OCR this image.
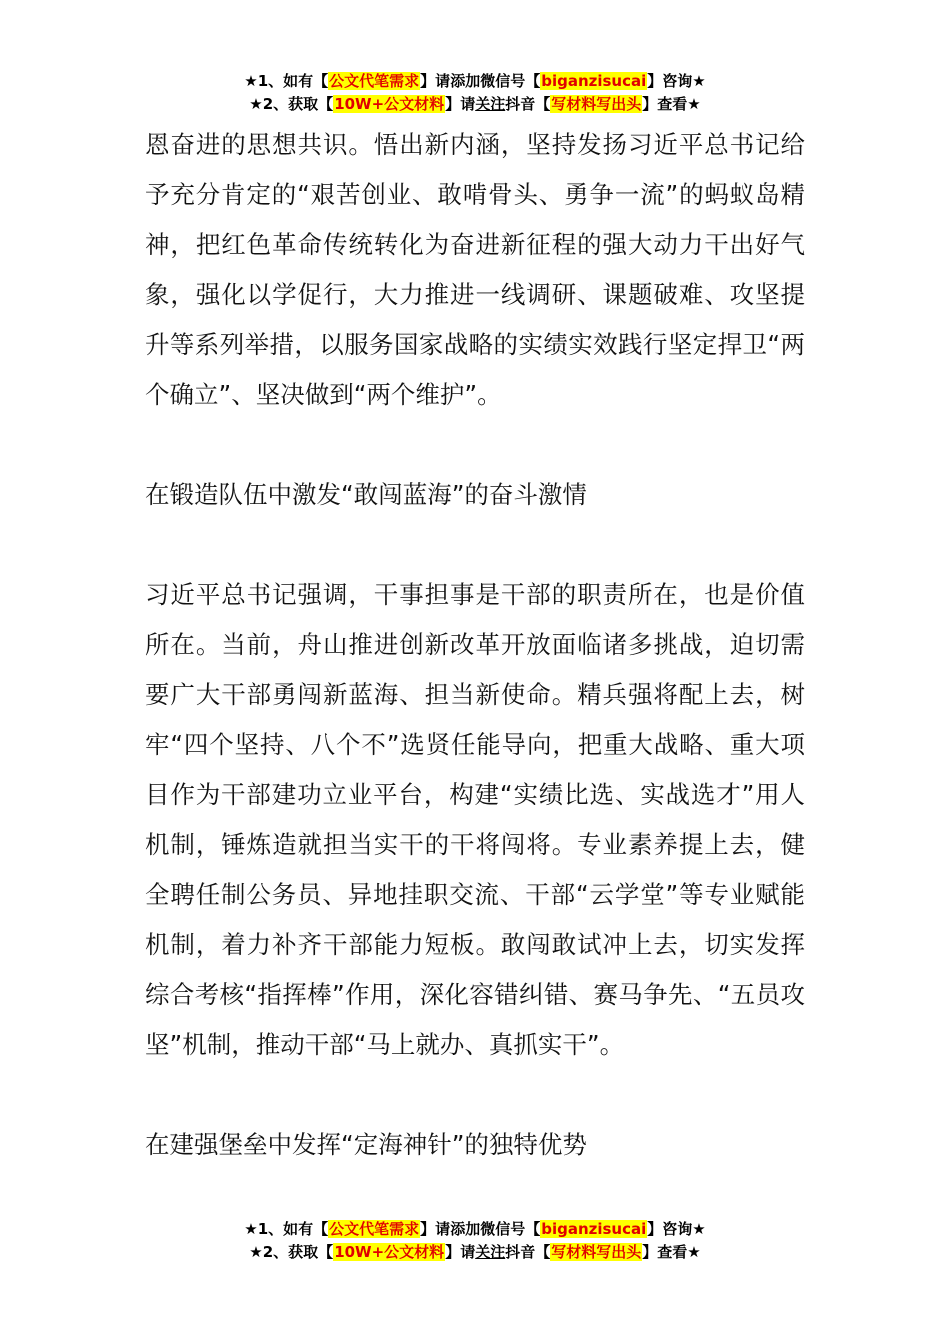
★1、如有【公文代笔需求】请添加微信号【biganzisucai】咨询★
★2、获取【10W+公文材料】请关注抖音【写材料写出头】查看★

恩奋进的思想共识。悟出新内涵，坚持发扬习近平总书记给予充分肯定的“艰苦创业、敢啃骨头、勇争一流”的蚂蚁岛精神，把红色革命传统转化为奋进新征程的强大动力干出好气象，强化以学促行，大力推进一线调研、课题破难、攻坚提升等系列举措，以服务国家战略的实绩实效践行坚定捍卫“两个确立”、坚决做到“两个维护”。

在锻造队伍中激发“敢闯蓝海”的奋斗激情

习近平总书记强调，干事担事是干部的职责所在，也是价值所在。当前，舟山推进创新改革开放面临诸多挑战，迫切需要广大干部勇闯新蓝海、担当新使命。精兵强将配上去，树牢“四个坚持、八个不”选贤任能导向，把重大战略、重大项目作为干部建功立业平台，构建“实绩比选、实战选才”用人机制，锤炼造就担当实干的干将闯将。专业素养提上去，健全聘任制公务员、异地挂职交流、干部“云学堂”等专业赋能机制，着力补齐干部能力短板。敢闯敢试冲上去，切实发挥综合考核“指挥棒”作用，深化容错纠错、赛马争先、“五员攻坚”机制，推动干部“马上就办、真抓实干”。

在建强堡垒中发挥“定海神针”的独特优势
★1、如有【公文代笔需求】请添加微信号【biganzisucai】咨询★
★2、获取【10W+公文材料】请关注抖音【写材料写出头】查看★
